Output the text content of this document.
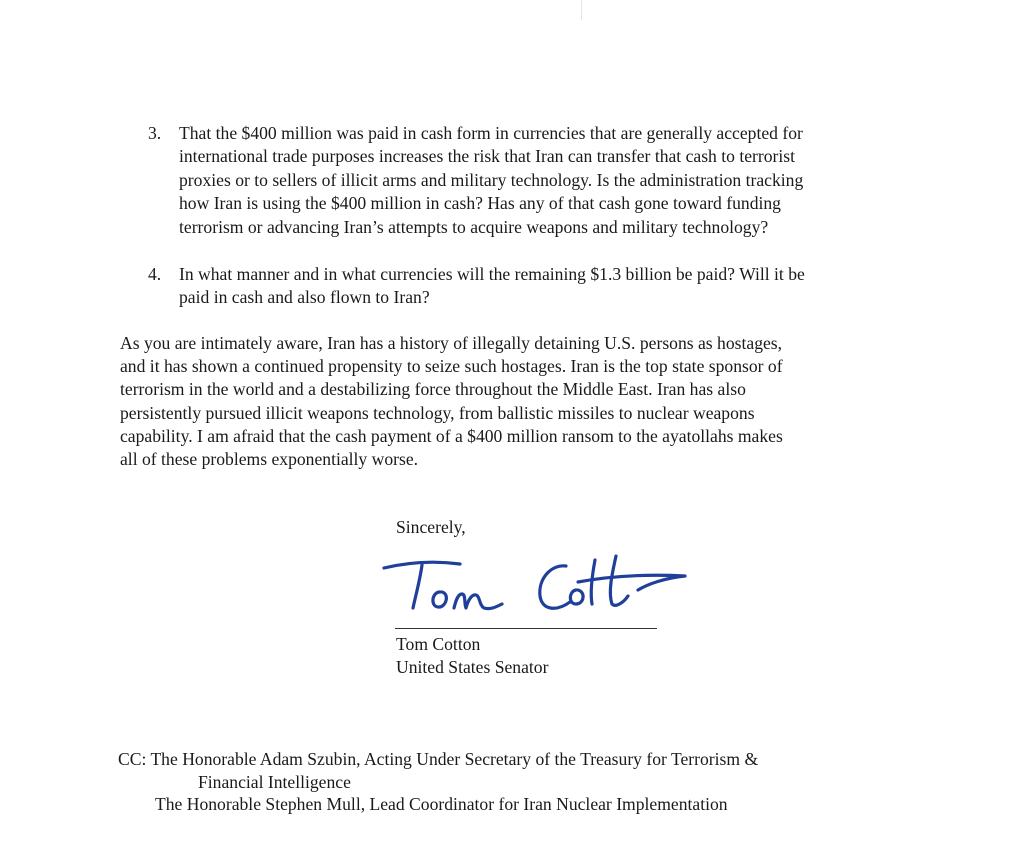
3. That the $400 million was paid in cash form in currencies that are generally accepted for
international trade purposes increases the risk that Iran can transfer that cash to terrorist
proxies or to sellers of illicit arms and military technology. Is the administration tracking
how Iran is using the $400 million in cash? Has any of that cash gone toward funding
terrorism or advancing Iran’s attempts to acquire weapons and military technology?
4. In what manner and in what currencies will the remaining $1.3 billion be paid? Will it be
paid in cash and also flown to Iran?
As you are intimately aware, Iran has a history of illegally detaining U.S. persons as hostages,
and it has shown a continued propensity to seize such hostages. Iran is the top state sponsor of
terrorism in the world and a destabilizing force throughout the Middle East. Iran has also
persistently pursued illicit weapons technology, from ballistic missiles to nuclear weapons
capability. I am afraid that the cash payment of a $400 million ransom to the ayatollahs makes
all of these problems exponentially worse.
Sincerely,
Tom Cotton
United States Senator
CC: The Honorable Adam Szubin, Acting Under Secretary of the Treasury for Terrorism &
Financial Intelligence
The Honorable Stephen Mull, Lead Coordinator for Iran Nuclear Implementation
